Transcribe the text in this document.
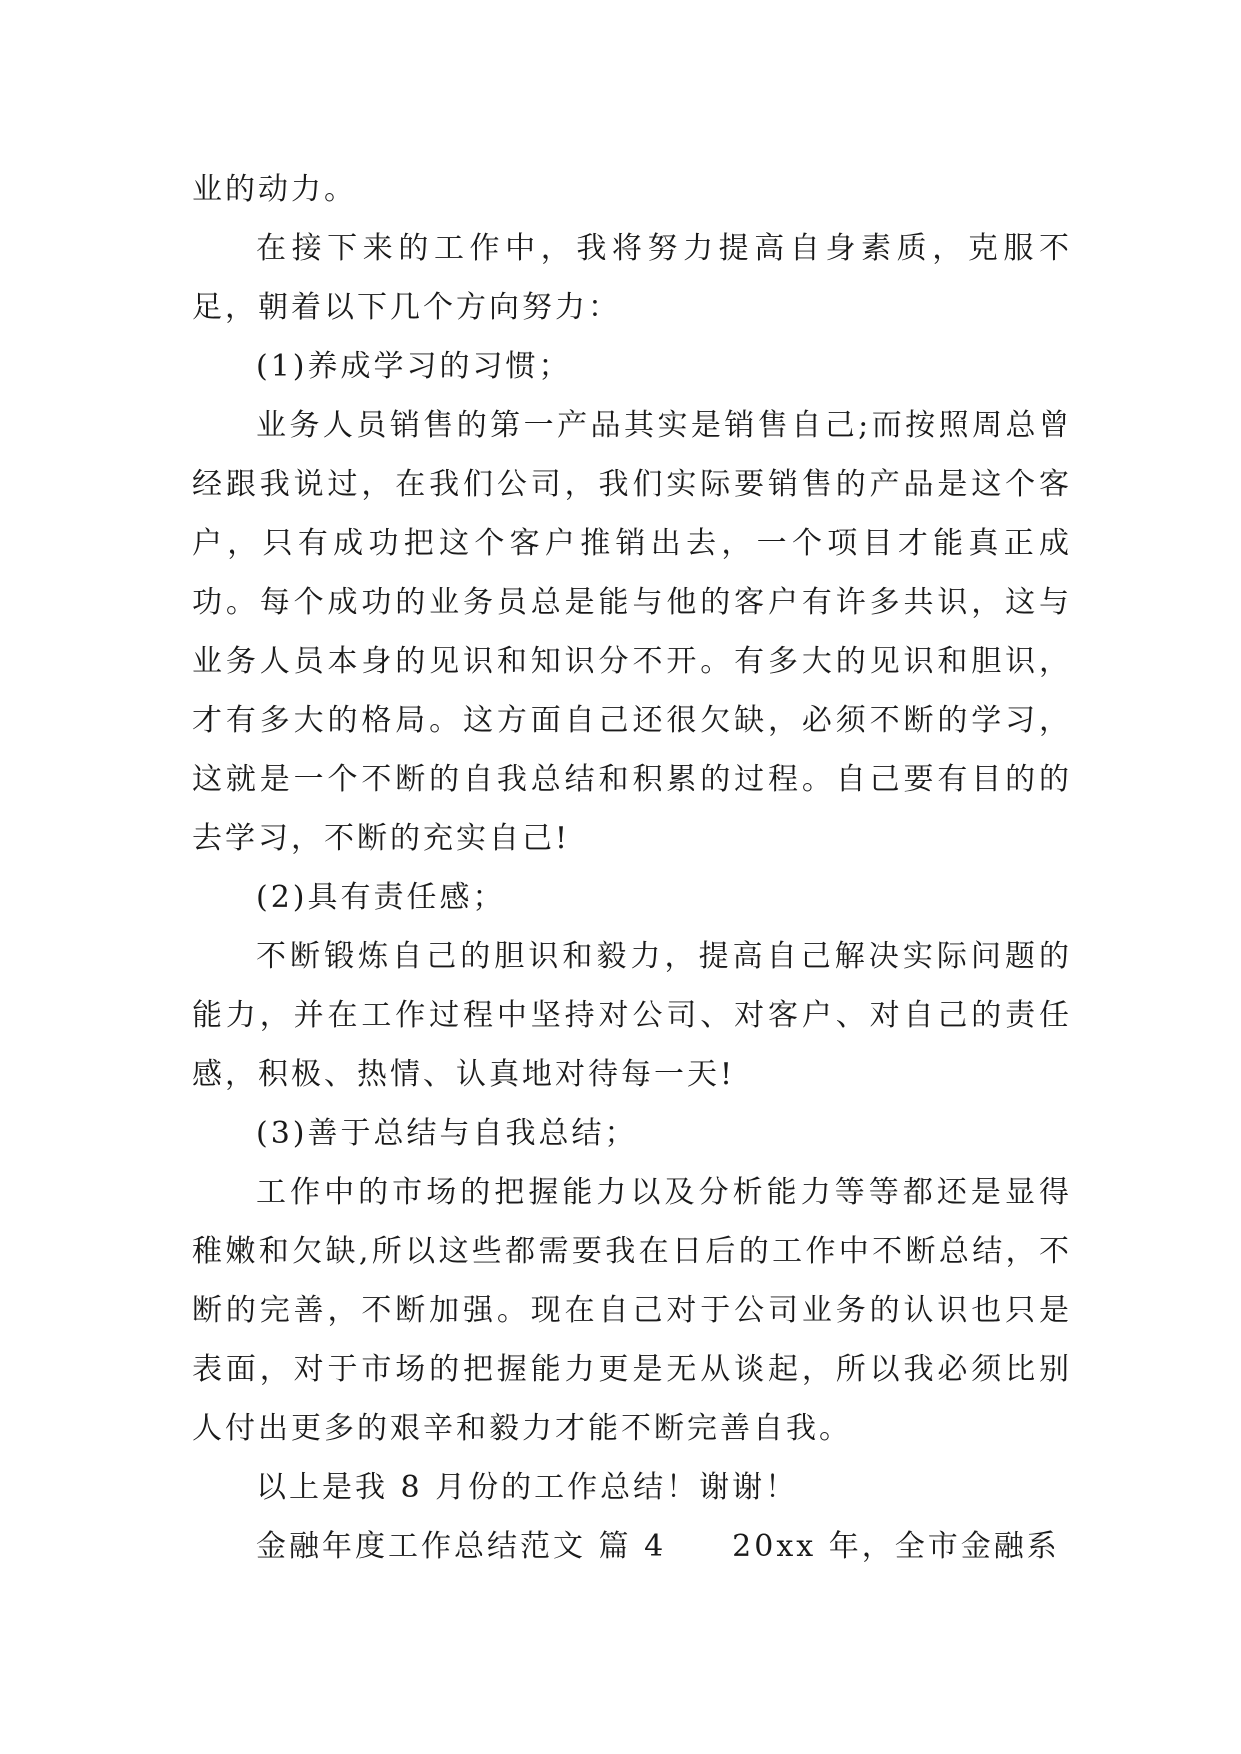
业的动力。

在接下来的工作中，我将努力提高自身素质，克服不足，朝着以下几个方向努力：

(1)养成学习的习惯；

业务人员销售的第一产品其实是销售自己;而按照周总曾经跟我说过，在我们公司，我们实际要销售的产品是这个客户，只有成功把这个客户推销出去，一个项目才能真正成功。每个成功的业务员总是能与他的客户有许多共识，这与业务人员本身的见识和知识分不开。有多大的见识和胆识，才有多大的格局。这方面自己还很欠缺，必须不断的学习，这就是一个不断的自我总结和积累的过程。自己要有目的的去学习，不断的充实自己!

(2)具有责任感；

不断锻炼自己的胆识和毅力，提高自己解决实际问题的能力，并在工作过程中坚持对公司、对客户、对自己的责任感，积极、热情、认真地对待每一天!

(3)善于总结与自我总结；

工作中的市场的把握能力以及分析能力等等都还是显得稚嫩和欠缺,所以这些都需要我在日后的工作中不断总结，不断的完善，不断加强。现在自己对于公司业务的认识也只是表面，对于市场的把握能力更是无从谈起，所以我必须比别人付出更多的艰辛和毅力才能不断完善自我。

以上是我 8 月份的工作总结！谢谢！

金融年度工作总结范文 篇 4　　20xx 年，全市金融系
